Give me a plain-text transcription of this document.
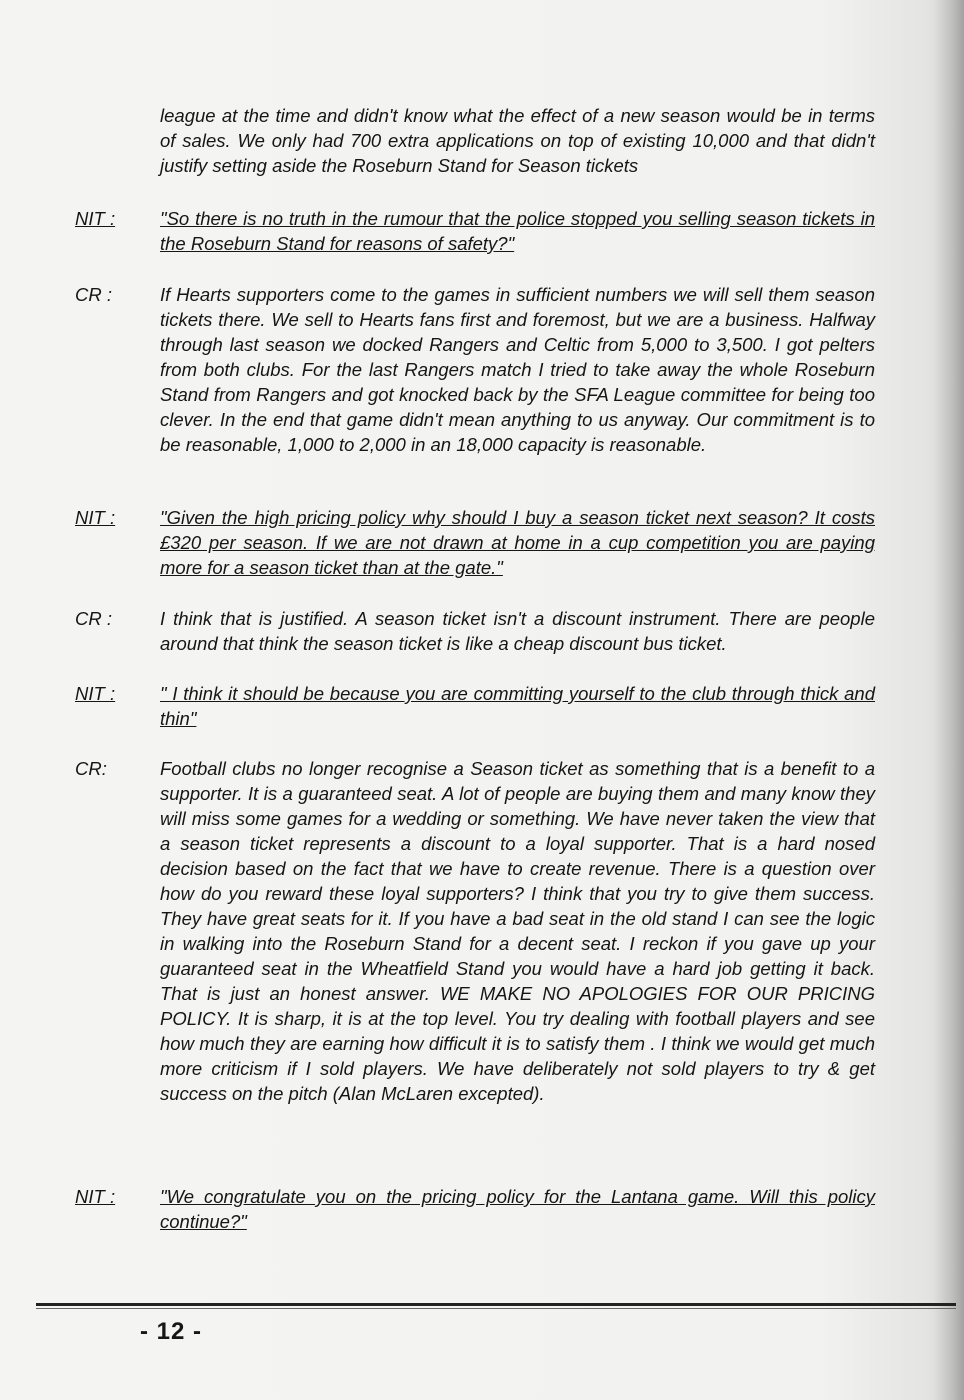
league at the time and didn't know what the effect of a new season would be in terms of sales. We only had 700 extra applications on top of existing 10,000 and that didn't justify setting aside the Roseburn Stand for Season tickets
NIT :	"So there is no truth in the rumour that the police stopped you selling season tickets in the Roseburn Stand for reasons of safety?"
CR :	If Hearts supporters come to the games in sufficient numbers we will sell them season tickets there. We sell to Hearts fans first and foremost, but we are a business. Halfway through last season we docked Rangers and Celtic from 5,000 to 3,500. I got pelters from both clubs. For the last Rangers match I tried to take away the whole Roseburn Stand from Rangers and got knocked back by the SFA League committee for being too clever. In the end that game didn't mean anything to us anyway. Our commitment is to be reasonable, 1,000 to 2,000 in an 18,000 capacity is reasonable.
NIT :	"Given the high pricing policy why should I buy a season ticket next season? It costs £320 per season. If we are not drawn at home in a cup competition you are paying more for a season ticket than at the gate."
CR :	I think that is justified. A season ticket isn't a discount instrument. There are people around that think the season ticket is like a cheap discount bus ticket.
NIT :	" I think it should be because you are committing yourself to the club through thick and thin"
CR:	Football clubs no longer recognise a Season ticket as something that is a benefit to a supporter. It is a guaranteed seat. A lot of people are buying them and many know they will miss some games for a wedding or something. We have never taken the view that a season ticket represents a discount to a loyal supporter. That is a hard nosed decision based on the fact that we have to create revenue. There is a question over how do you reward these loyal supporters? I think that you try to give them success. They have great seats for it. If you have a bad seat in the old stand I can see the logic in walking into the Roseburn Stand for a decent seat. I reckon if you gave up your guaranteed seat in the Wheatfield Stand you would have a hard job getting it back. That is just an honest answer. WE MAKE NO APOLOGIES FOR OUR PRICING POLICY. It is sharp, it is at the top level. You try dealing with football players and see how much they are earning how difficult it is to satisfy them . I think we would get much more criticism if I sold players. We have deliberately not sold players to try & get success on the pitch (Alan McLaren excepted).
NIT :	"We congratulate you on the pricing policy for the Lantana game. Will this policy continue?"
- 12 -
